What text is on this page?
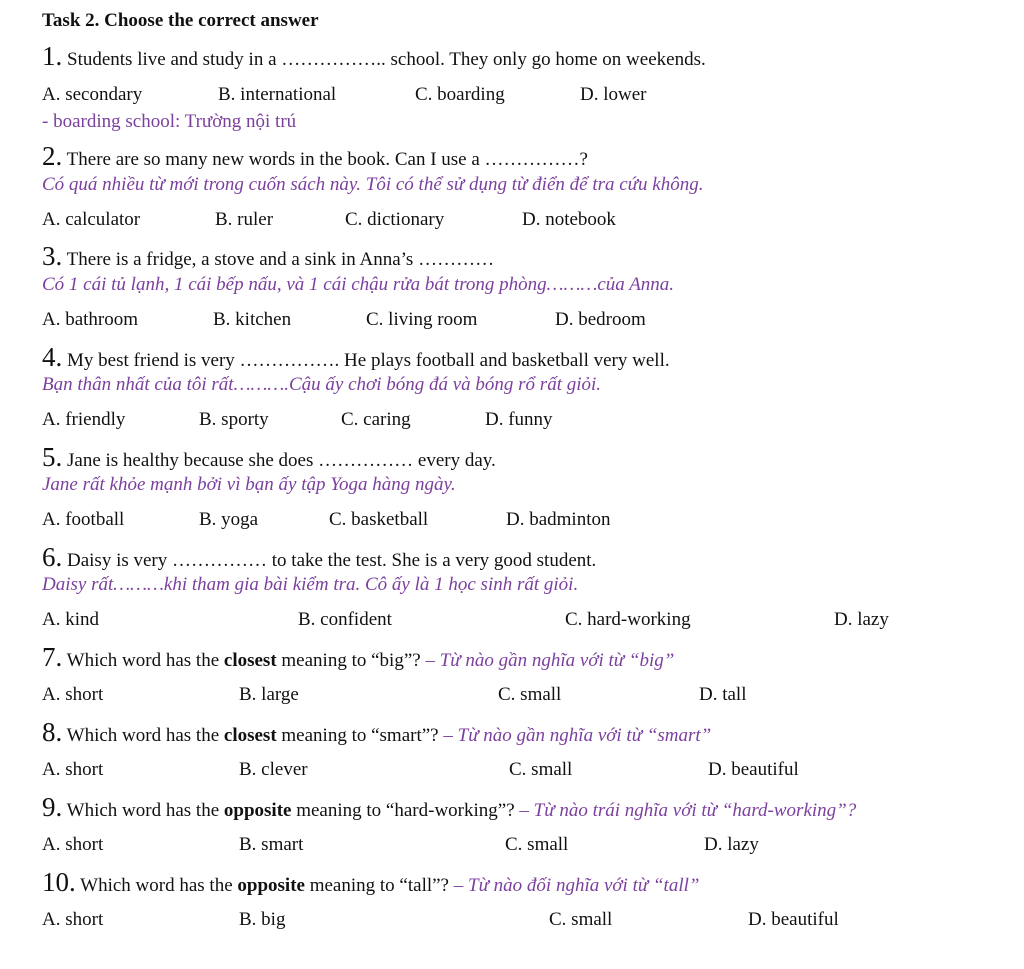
Task 2. Choose the correct answer
1. Students live and study in a …………….. school. They only go home on weekends.
A. secondary	B. international	C. boarding	D. lower
- boarding school: Trường nội trú
2. There are so many new words in the book. Can I use a ……………?
Có quá nhiều từ mới trong cuốn sách này. Tôi có thể sử dụng từ điển để tra cứu không.
A. calculator	B. ruler	C. dictionary	D. notebook
3. There is a fridge, a stove and a sink in Anna’s …………
Có 1 cái tủ lạnh, 1 cái bếp nấu, và 1 cái chậu rửa bát trong phòng………của Anna.
A. bathroom	B. kitchen	C. living room	D. bedroom
4. My best friend is very ……………. He plays football and basketball very well.
Bạn thân nhất của tôi rất……….Cậu ấy chơi bóng đá và bóng rổ rất giỏi.
A. friendly	B. sporty	C. caring	D. funny
5. Jane is healthy because she does …………… every day.
Jane rất khỏe mạnh bởi vì bạn ấy tập Yoga hàng ngày.
A. football	B. yoga	C. basketball	D. badminton
6. Daisy is very …………… to take the test. She is a very good student.
Daisy rất………khi tham gia bài kiểm tra. Cô ấy là 1 học sinh rất giỏi.
A. kind	B. confident	C. hard-working	D. lazy
7. Which word has the closest meaning to “big”? – Từ nào gần nghĩa với từ “big”
A. short	B. large	C. small	D. tall
8. Which word has the closest meaning to “smart”? – Từ nào gần nghĩa với từ “smart”
A. short	B. clever	C. small	D. beautiful
9. Which word has the opposite meaning to “hard-working”? – Từ nào trái nghĩa với từ “hard-working”?
A. short	B. smart	C. small	D. lazy
10. Which word has the opposite meaning to “tall”? – Từ nào đối nghĩa với từ “tall”
A. short	B. big	C. small	D. beautiful
